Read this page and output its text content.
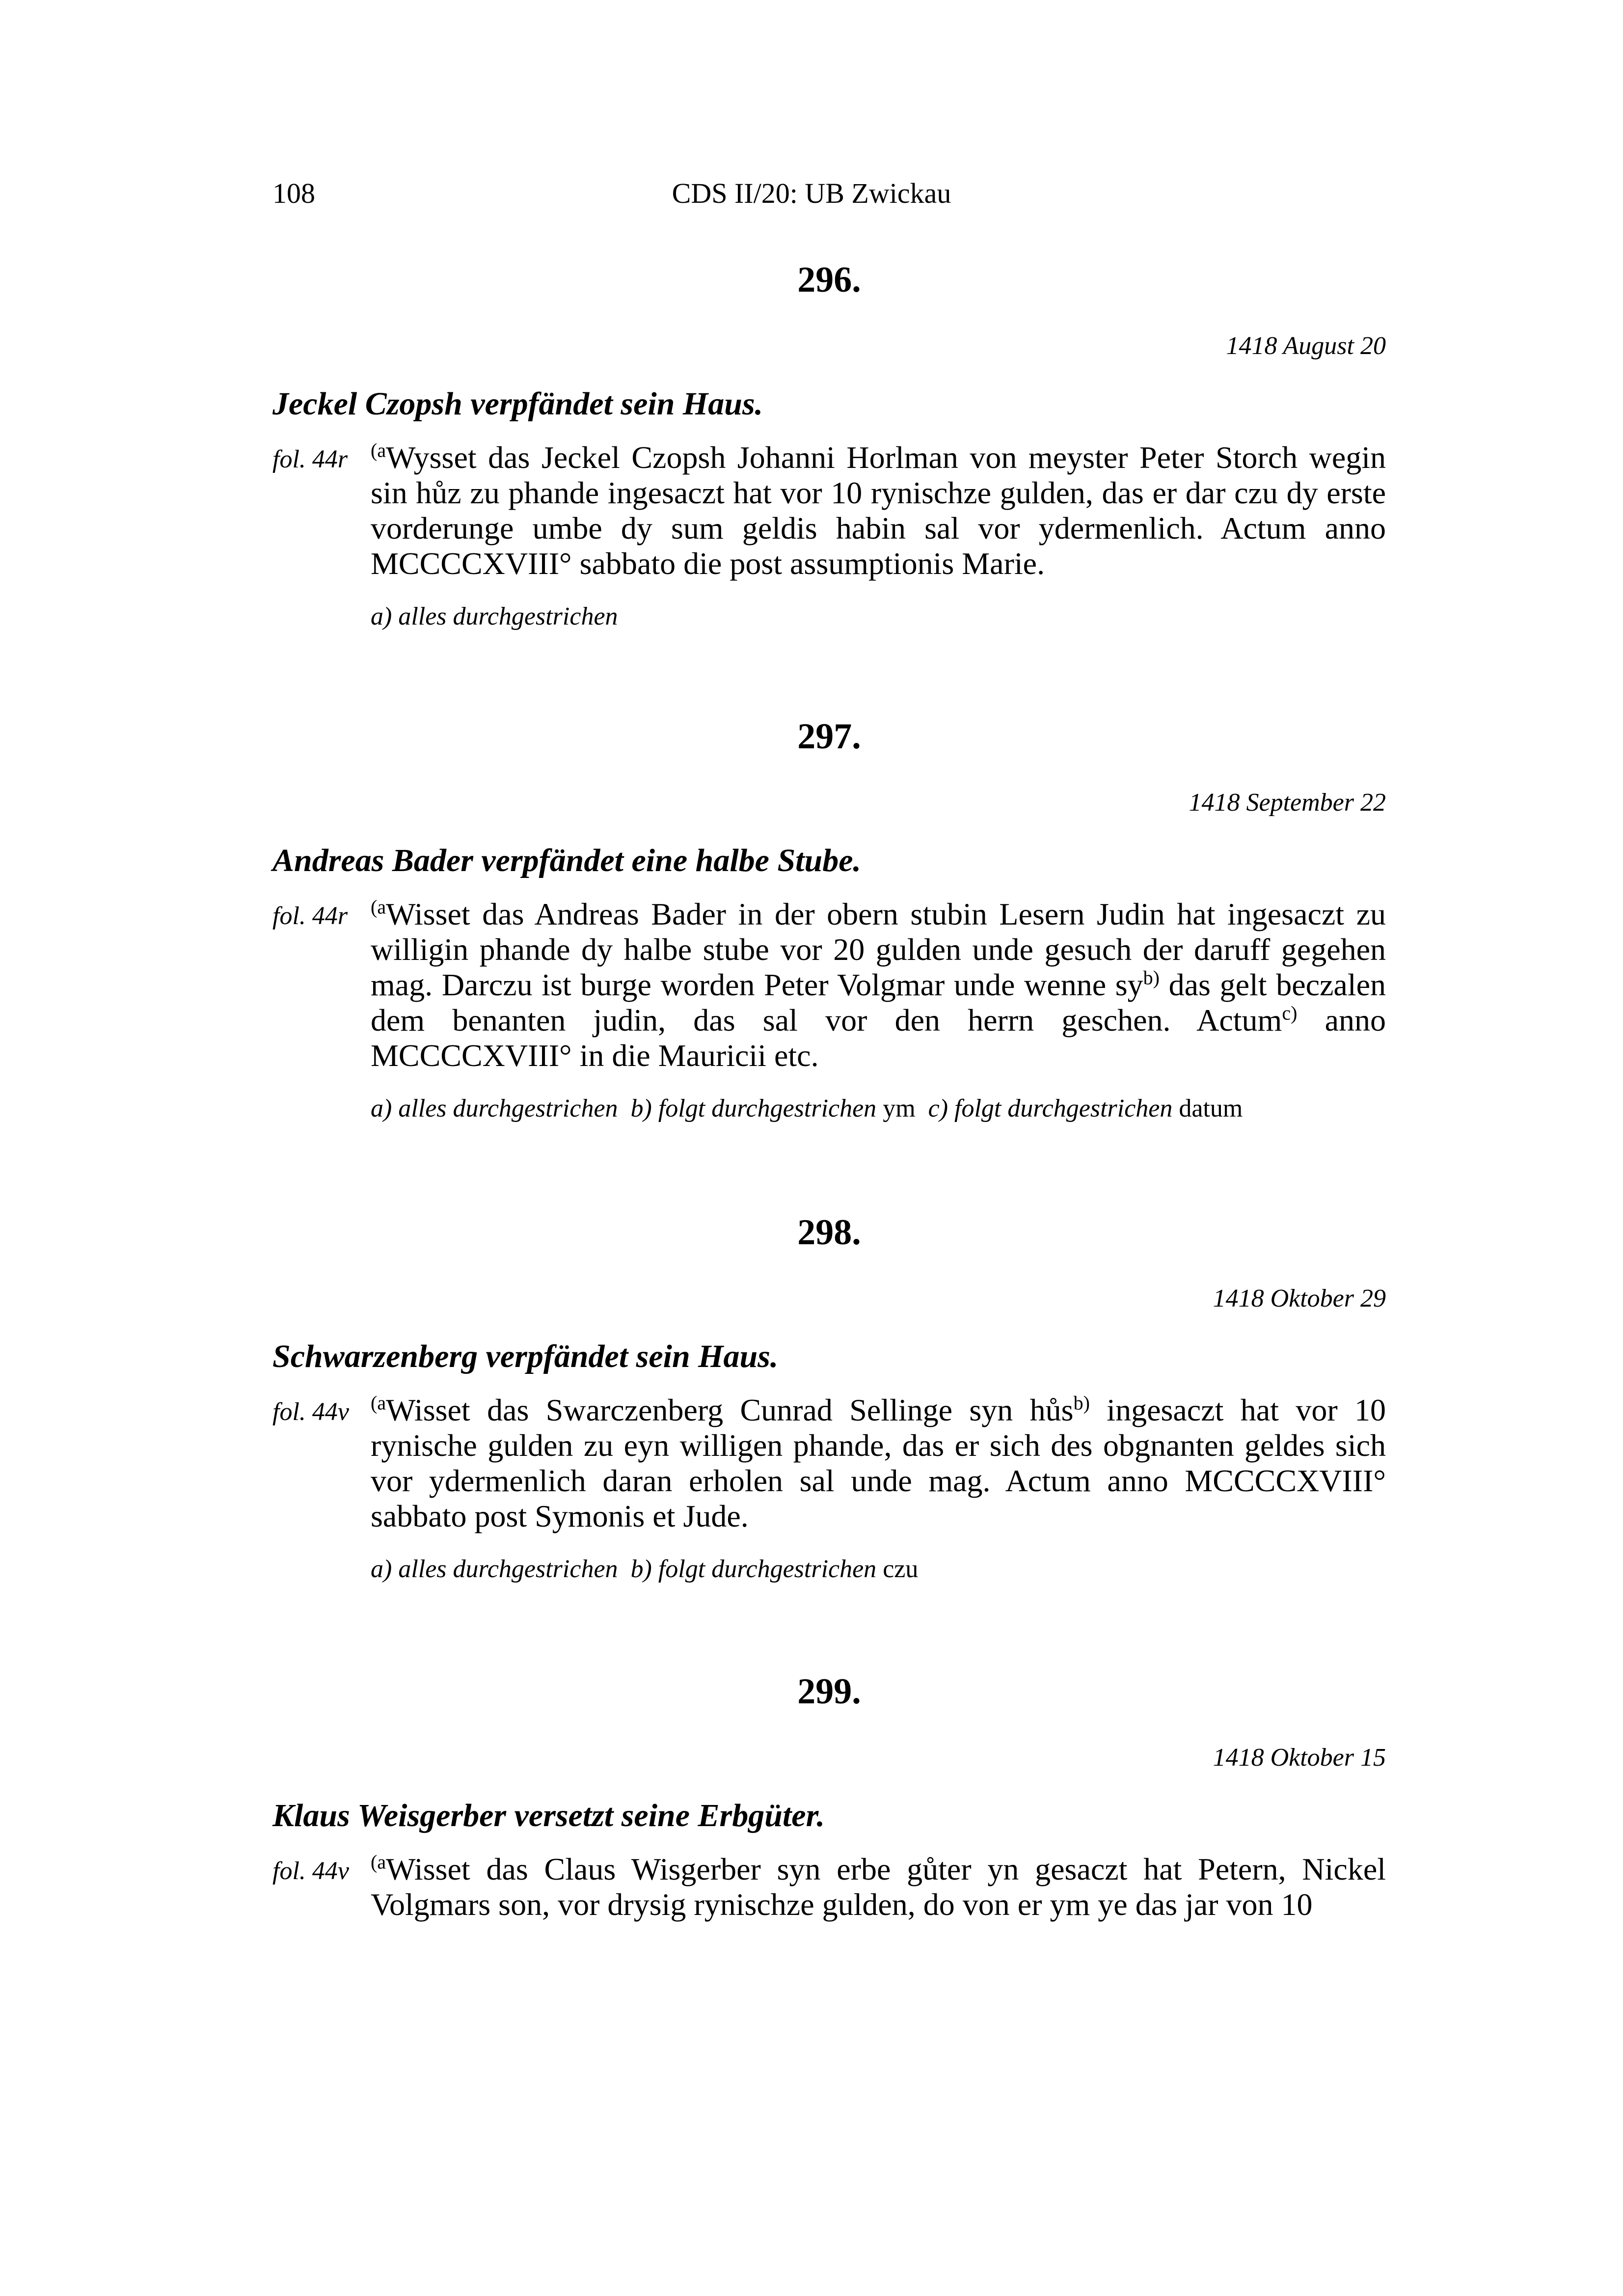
108	CDS II/20: UB Zwickau
296.
1418 August 20
Jeckel Czopsh verpfändet sein Haus.
fol. 44r $^{(a}$Wysset das Jeckel Czopsh Johanni Horlman von meyster Peter Storch wegin sin hůz zu phande ingesaczt hat vor 10 rynischze gulden, das er dar czu dy erste vorderunge umbe dy sum geldis habin sal vor ydermenlich. Actum anno MCCCCXVIII° sabbato die post assumptionis Marie.
a) alles durchgestrichen
297.
1418 September 22
Andreas Bader verpfändet eine halbe Stube.
fol. 44r $^{(a}$Wisset das Andreas Bader in der obern stubin Lesern Judin hat ingesaczt zu willigin phande dy halbe stube vor 20 gulden unde gesuch der daruff gegehen mag. Darczu ist burge worden Peter Volgmar unde wenne $sy^{b)}$ das gelt beczalen dem benanten judin, das sal vor den herrn geschen. Actum$^{c)}$ anno MCCCCXVIII° in die Mauricii etc.
a) alles durchgestrichen b) folgt durchgestrichen ym c) folgt durchgestrichen datum
298.
1418 Oktober 29
Schwarzenberg verpfändet sein Haus.
fol. 44v $^{(a}$Wisset das Swarczenberg Cunrad Sellinge syn hůs$^{b)}$ ingesaczt hat vor 10 rynische gulden zu eyn willigen phande, das er sich des obgnanten geldes sich vor ydermenlich daran erholen sal unde mag. Actum anno MCCCCXVIII° sabbato post Symonis et Jude.
a) alles durchgestrichen b) folgt durchgestrichen czu
299.
1418 Oktober 15
Klaus Weisgerber versetzt seine Erbgüter.
fol. 44v $^{(a}$Wisset das Claus Wisgerber syn erbe gůter yn gesaczt hat Petern, Nickel Volgmars son, vor drysig rynischze gulden, do von er ym ye das jar von 10
